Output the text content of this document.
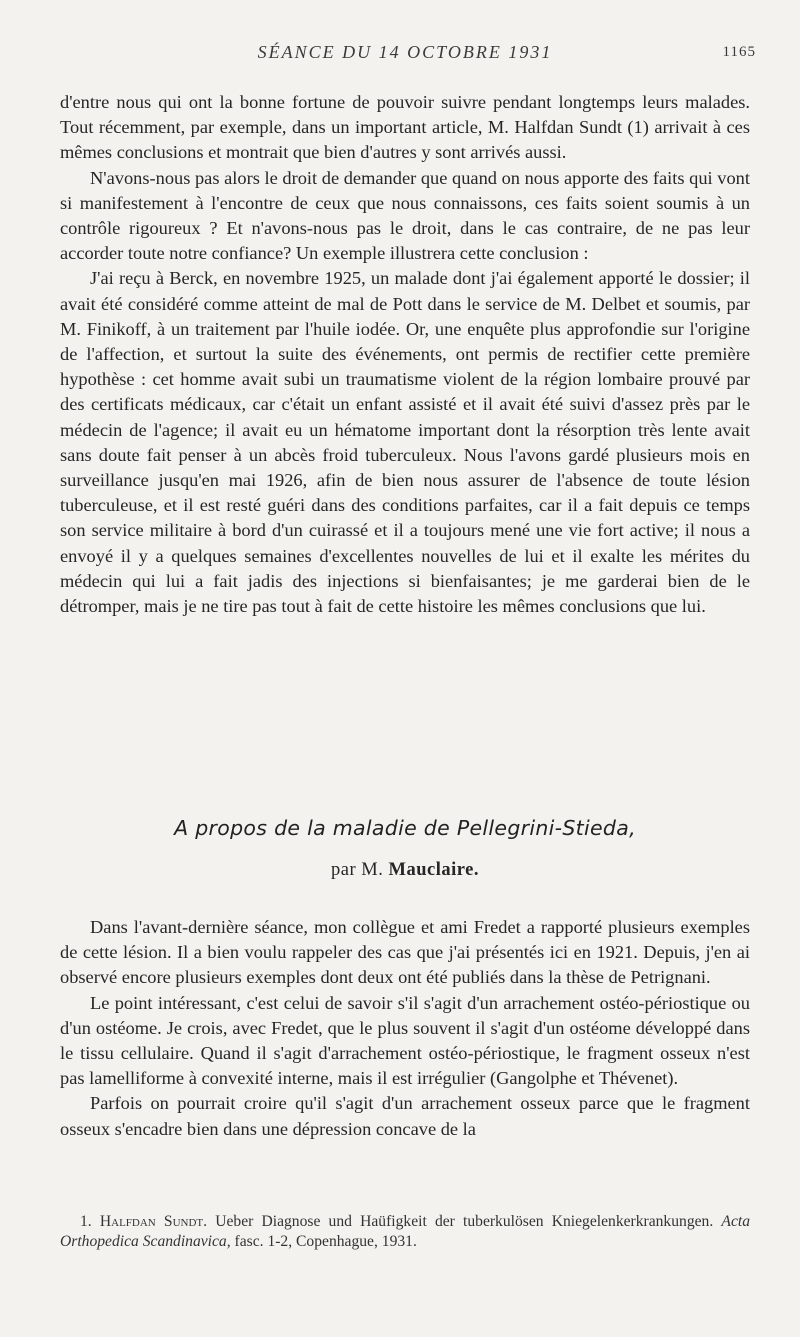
SÉANCE DU 14 OCTOBRE 1931	1165

d'entre nous qui ont la bonne fortune de pouvoir suivre pendant longtemps leurs malades. Tout récemment, par exemple, dans un important article, M. Halfdan Sundt (1) arrivait à ces mêmes conclusions et montrait que bien d'autres y sont arrivés aussi.

N'avons-nous pas alors le droit de demander que quand on nous apporte des faits qui vont si manifestement à l'encontre de ceux que nous connaissons, ces faits soient soumis à un contrôle rigoureux ? Et n'avons-nous pas le droit, dans le cas contraire, de ne pas leur accorder toute notre confiance? Un exemple illustrera cette conclusion :

J'ai reçu à Berck, en novembre 1925, un malade dont j'ai également apporté le dossier; il avait été considéré comme atteint de mal de Pott dans le service de M. Delbet et soumis, par M. Finikoff, à un traitement par l'huile iodée. Or, une enquête plus approfondie sur l'origine de l'affection, et surtout la suite des événements, ont permis de rectifier cette première hypothèse : cet homme avait subi un traumatisme violent de la région lombaire prouvé par des certificats médicaux, car c'était un enfant assisté et il avait été suivi d'assez près par le médecin de l'agence; il avait eu un hématome important dont la résorption très lente avait sans doute fait penser à un abcès froid tuberculeux. Nous l'avons gardé plusieurs mois en surveillance jusqu'en mai 1926, afin de bien nous assurer de l'absence de toute lésion tuberculeuse, et il est resté guéri dans des conditions parfaites, car il a fait depuis ce temps son service militaire à bord d'un cuirassé et il a toujours mené une vie fort active; il nous a envoyé il y a quelques semaines d'excellentes nouvelles de lui et il exalte les mérites du médecin qui lui a fait jadis des injections si bienfaisantes; je me garderai bien de le détromper, mais je ne tire pas tout à fait de cette histoire les mêmes conclusions que lui.

A propos de la maladie de Pellegrini-Stieda,
par M. Mauclaire.

Dans l'avant-dernière séance, mon collègue et ami Fredet a rapporté plusieurs exemples de cette lésion. Il a bien voulu rappeler des cas que j'ai présentés ici en 1921. Depuis, j'en ai observé encore plusieurs exemples dont deux ont été publiés dans la thèse de Petrignani.

Le point intéressant, c'est celui de savoir s'il s'agit d'un arrachement ostéo-périostique ou d'un ostéome. Je crois, avec Fredet, que le plus souvent il s'agit d'un ostéome développé dans le tissu cellulaire. Quand il s'agit d'arrachement ostéo-périostique, le fragment osseux n'est pas lamelliforme à convexité interne, mais il est irrégulier (Gangolphe et Thévenet).

Parfois on pourrait croire qu'il s'agit d'un arrachement osseux parce que le fragment osseux s'encadre bien dans une dépression concave de la

1. Halfdan Sundt. Ueber Diagnose und Haüfigkeit der tuberkulösen Kniegelenkerkrankungen. Acta Orthopedica Scandinavica, fasc. 1-2, Copenhague, 1931.
